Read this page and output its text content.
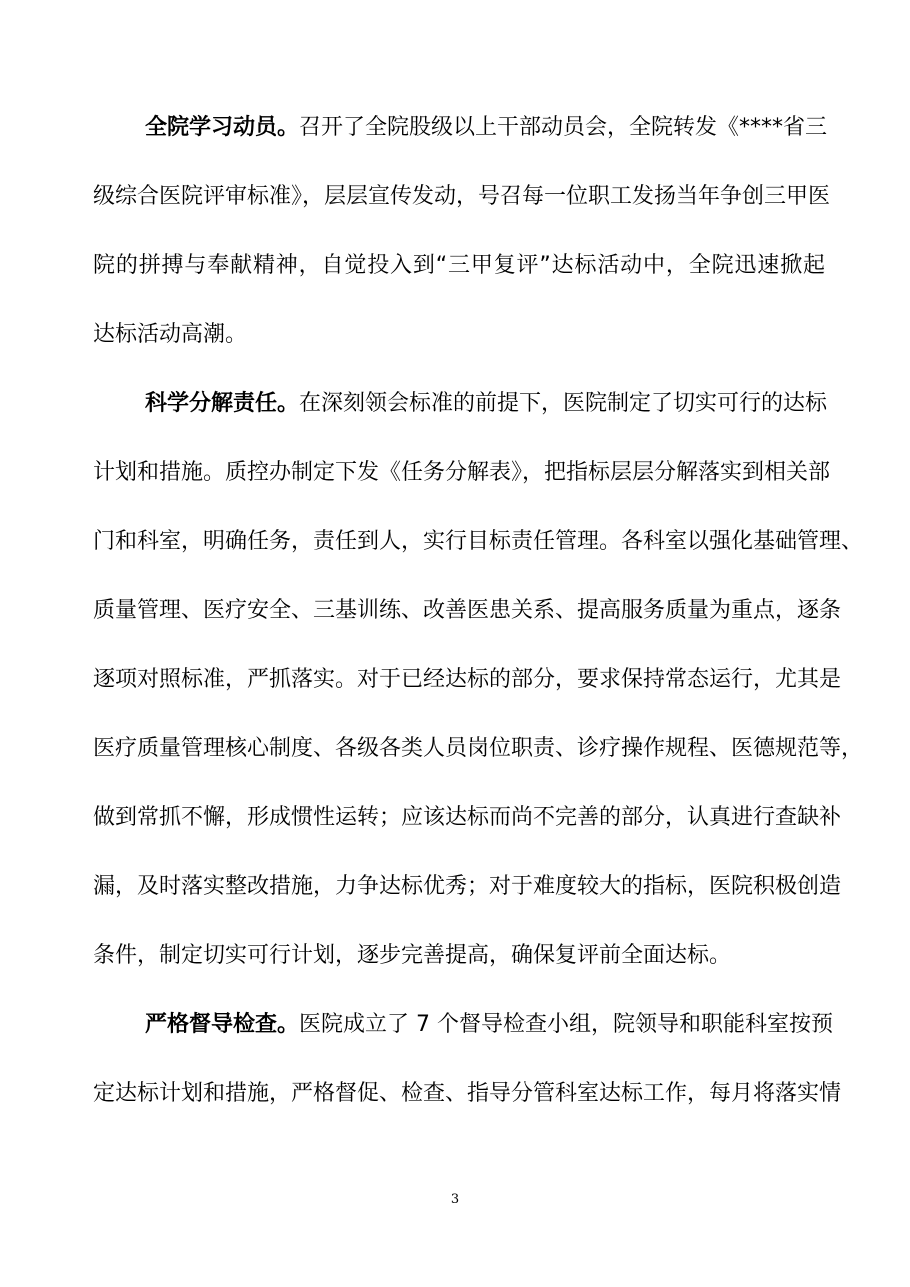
全院学习动员。召开了全院股级以上干部动员会，全院转发《****省三
级综合医院评审标准》，层层宣传发动，号召每一位职工发扬当年争创三甲医
院的拼搏与奉献精神，自觉投入到“三甲复评”达标活动中，全院迅速掀起
达标活动高潮。
科学分解责任。在深刻领会标准的前提下，医院制定了切实可行的达标
计划和措施。质控办制定下发《任务分解表》，把指标层层分解落实到相关部
门和科室，明确任务，责任到人，实行目标责任管理。各科室以强化基础管理、
质量管理、医疗安全、三基训练、改善医患关系、提高服务质量为重点，逐条
逐项对照标准，严抓落实。对于已经达标的部分，要求保持常态运行，尤其是
医疗质量管理核心制度、各级各类人员岗位职责、诊疗操作规程、医德规范等，
做到常抓不懈，形成惯性运转；应该达标而尚不完善的部分，认真进行查缺补
漏，及时落实整改措施，力争达标优秀；对于难度较大的指标，医院积极创造
条件，制定切实可行计划，逐步完善提高，确保复评前全面达标。
严格督导检查。医院成立了 7 个督导检查小组，院领导和职能科室按预
定达标计划和措施，严格督促、检查、指导分管科室达标工作，每月将落实情
3
